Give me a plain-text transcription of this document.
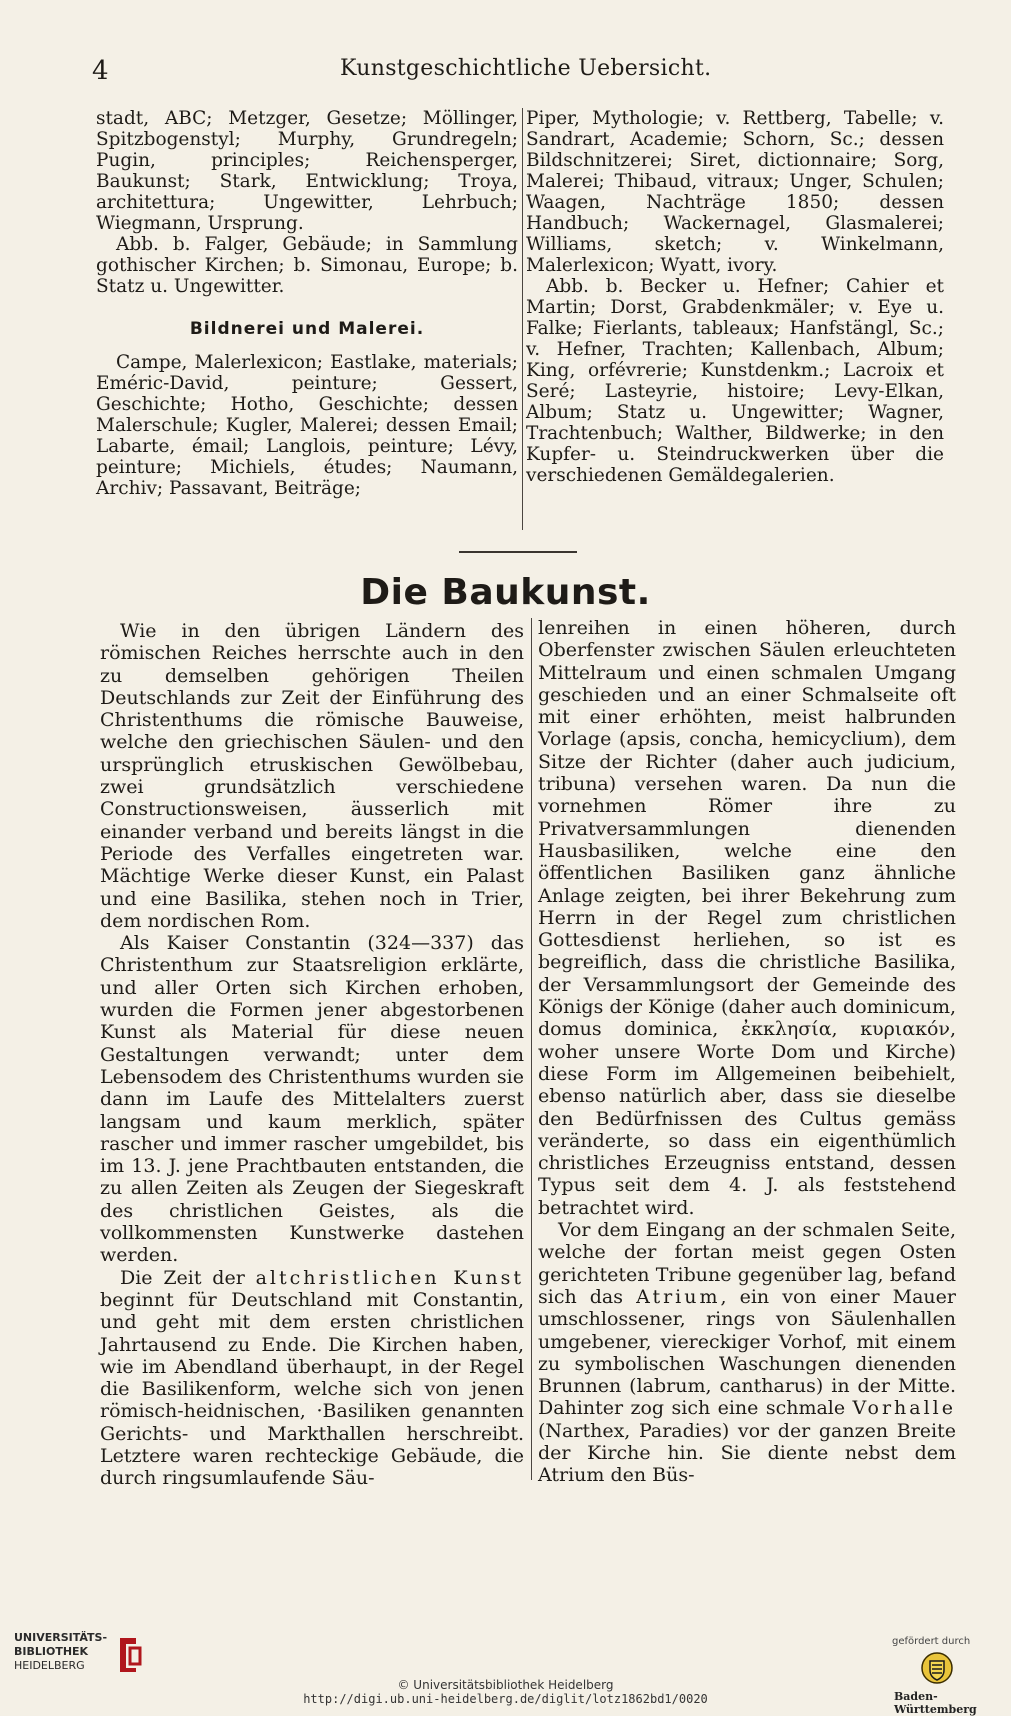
4	Kunstgeschichtliche Uebersicht.

stadt, ABC; Metzger, Gesetze; Möllinger, Spitzbogenstyl; Murphy, Grundregeln; Pugin, principles; Reichensperger, Baukunst; Stark, Entwicklung; Troya, architettura; Ungewitter, Lehrbuch; Wiegmann, Ursprung.

Abb. b. Falger, Gebäude; in Sammlung gothischer Kirchen; b. Simonau, Europe; b. Statz u. Ungewitter.

Bildnerei und Malerei.

Campe, Malerlexicon; Eastlake, materials; Eméric-David, peinture; Gessert, Geschichte; Hotho, Geschichte; dessen Malerschule; Kugler, Malerei; dessen Email; Labarte, émail; Langlois, peinture; Lévy, peinture; Michiels, études; Naumann, Archiv; Passavant, Beiträge;

Piper, Mythologie; v. Rettberg, Tabelle; v. Sandrart, Academie; Schorn, Sc.; dessen Bildschnitzerei; Siret, dictionnaire; Sorg, Malerei; Thibaud, vitraux; Unger, Schulen; Waagen, Nachträge 1850; dessen Handbuch; Wackernagel, Glasmalerei; Williams, sketch; v. Winkelmann, Malerlexicon; Wyatt, ivory.

Abb. b. Becker u. Hefner; Cahier et Martin; Dorst, Grabdenkmäler; v. Eye u. Falke; Fierlants, tableaux; Hanfstängl, Sc.; v. Hefner, Trachten; Kallenbach, Album; King, orfévrerie; Kunstdenkm.; Lacroix et Seré; Lasteyrie, histoire; Levy-Elkan, Album; Statz u. Ungewitter; Wagner, Trachtenbuch; Walther, Bildwerke; in den Kupfer- u. Steindruckwerken über die verschiedenen Gemäldegalerien.

Die Baukunst.

Wie in den übrigen Ländern des römischen Reiches herrschte auch in den zu demselben gehörigen Theilen Deutschlands zur Zeit der Einführung des Christenthums die römische Bauweise, welche den griechischen Säulen- und den ursprünglich etruskischen Gewölbebau, zwei grundsätzlich verschiedene Constructionsweisen, äusserlich mit einander verband und bereits längst in die Periode des Verfalles eingetreten war. Mächtige Werke dieser Kunst, ein Palast und eine Basilika, stehen noch in Trier, dem nordischen Rom.

Als Kaiser Constantin (324—337) das Christenthum zur Staatsreligion erklärte, und aller Orten sich Kirchen erhoben, wurden die Formen jener abgestorbenen Kunst als Material für diese neuen Gestaltungen verwandt; unter dem Lebensodem des Christenthums wurden sie dann im Laufe des Mittelalters zuerst langsam und kaum merklich, später rascher und immer rascher umgebildet, bis im 13. J. jene Prachtbauten entstanden, die zu allen Zeiten als Zeugen der Siegeskraft des christlichen Geistes, als die vollkommensten Kunstwerke dastehen werden.

Die Zeit der altchristlichen Kunst beginnt für Deutschland mit Constantin, und geht mit dem ersten christlichen Jahrtausend zu Ende. Die Kirchen haben, wie im Abendland überhaupt, in der Regel die Basilikenform, welche sich von jenen römisch-heidnischen, ·Basiliken genannten Gerichts- und Markthallen herschreibt. Letztere waren rechteckige Gebäude, die durch ringsumlaufende Säu-

lenreihen in einen höheren, durch Oberfenster zwischen Säulen erleuchteten Mittelraum und einen schmalen Umgang geschieden und an einer Schmalseite oft mit einer erhöhten, meist halbrunden Vorlage (apsis, concha, hemicyclium), dem Sitze der Richter (daher auch judicium, tribuna) versehen waren. Da nun die vornehmen Römer ihre zu Privatversammlungen dienenden Hausbasiliken, welche eine den öffentlichen Basiliken ganz ähnliche Anlage zeigten, bei ihrer Bekehrung zum Herrn in der Regel zum christlichen Gottesdienst herliehen, so ist es begreiflich, dass die christliche Basilika, der Versammlungsort der Gemeinde des Königs der Könige (daher auch dominicum, domus dominica, ἐκκλησία, κυριακόν, woher unsere Worte Dom und Kirche) diese Form im Allgemeinen beibehielt, ebenso natürlich aber, dass sie dieselbe den Bedürfnissen des Cultus gemäss veränderte, so dass ein eigenthümlich christliches Erzeugniss entstand, dessen Typus seit dem 4. J. als feststehend betrachtet wird.

Vor dem Eingang an der schmalen Seite, welche der fortan meist gegen Osten gerichteten Tribune gegenüber lag, befand sich das Atrium, ein von einer Mauer umschlossener, rings von Säulenhallen umgebener, viereckiger Vorhof, mit einem zu symbolischen Waschungen dienenden Brunnen (labrum, cantharus) in der Mitte. Dahinter zog sich eine schmale Vorhalle (Narthex, Paradies) vor der ganzen Breite der Kirche hin. Sie diente nebst dem Atrium den Büs-

UNIVERSITÄTS-
BIBLIOTHEK
HEIDELBERG
© Universitätsbibliothek Heidelberg
http://digi.ub.uni-heidelberg.de/diglit/lotz1862bd1/0020
gefördert durch
Baden-Württemberg
